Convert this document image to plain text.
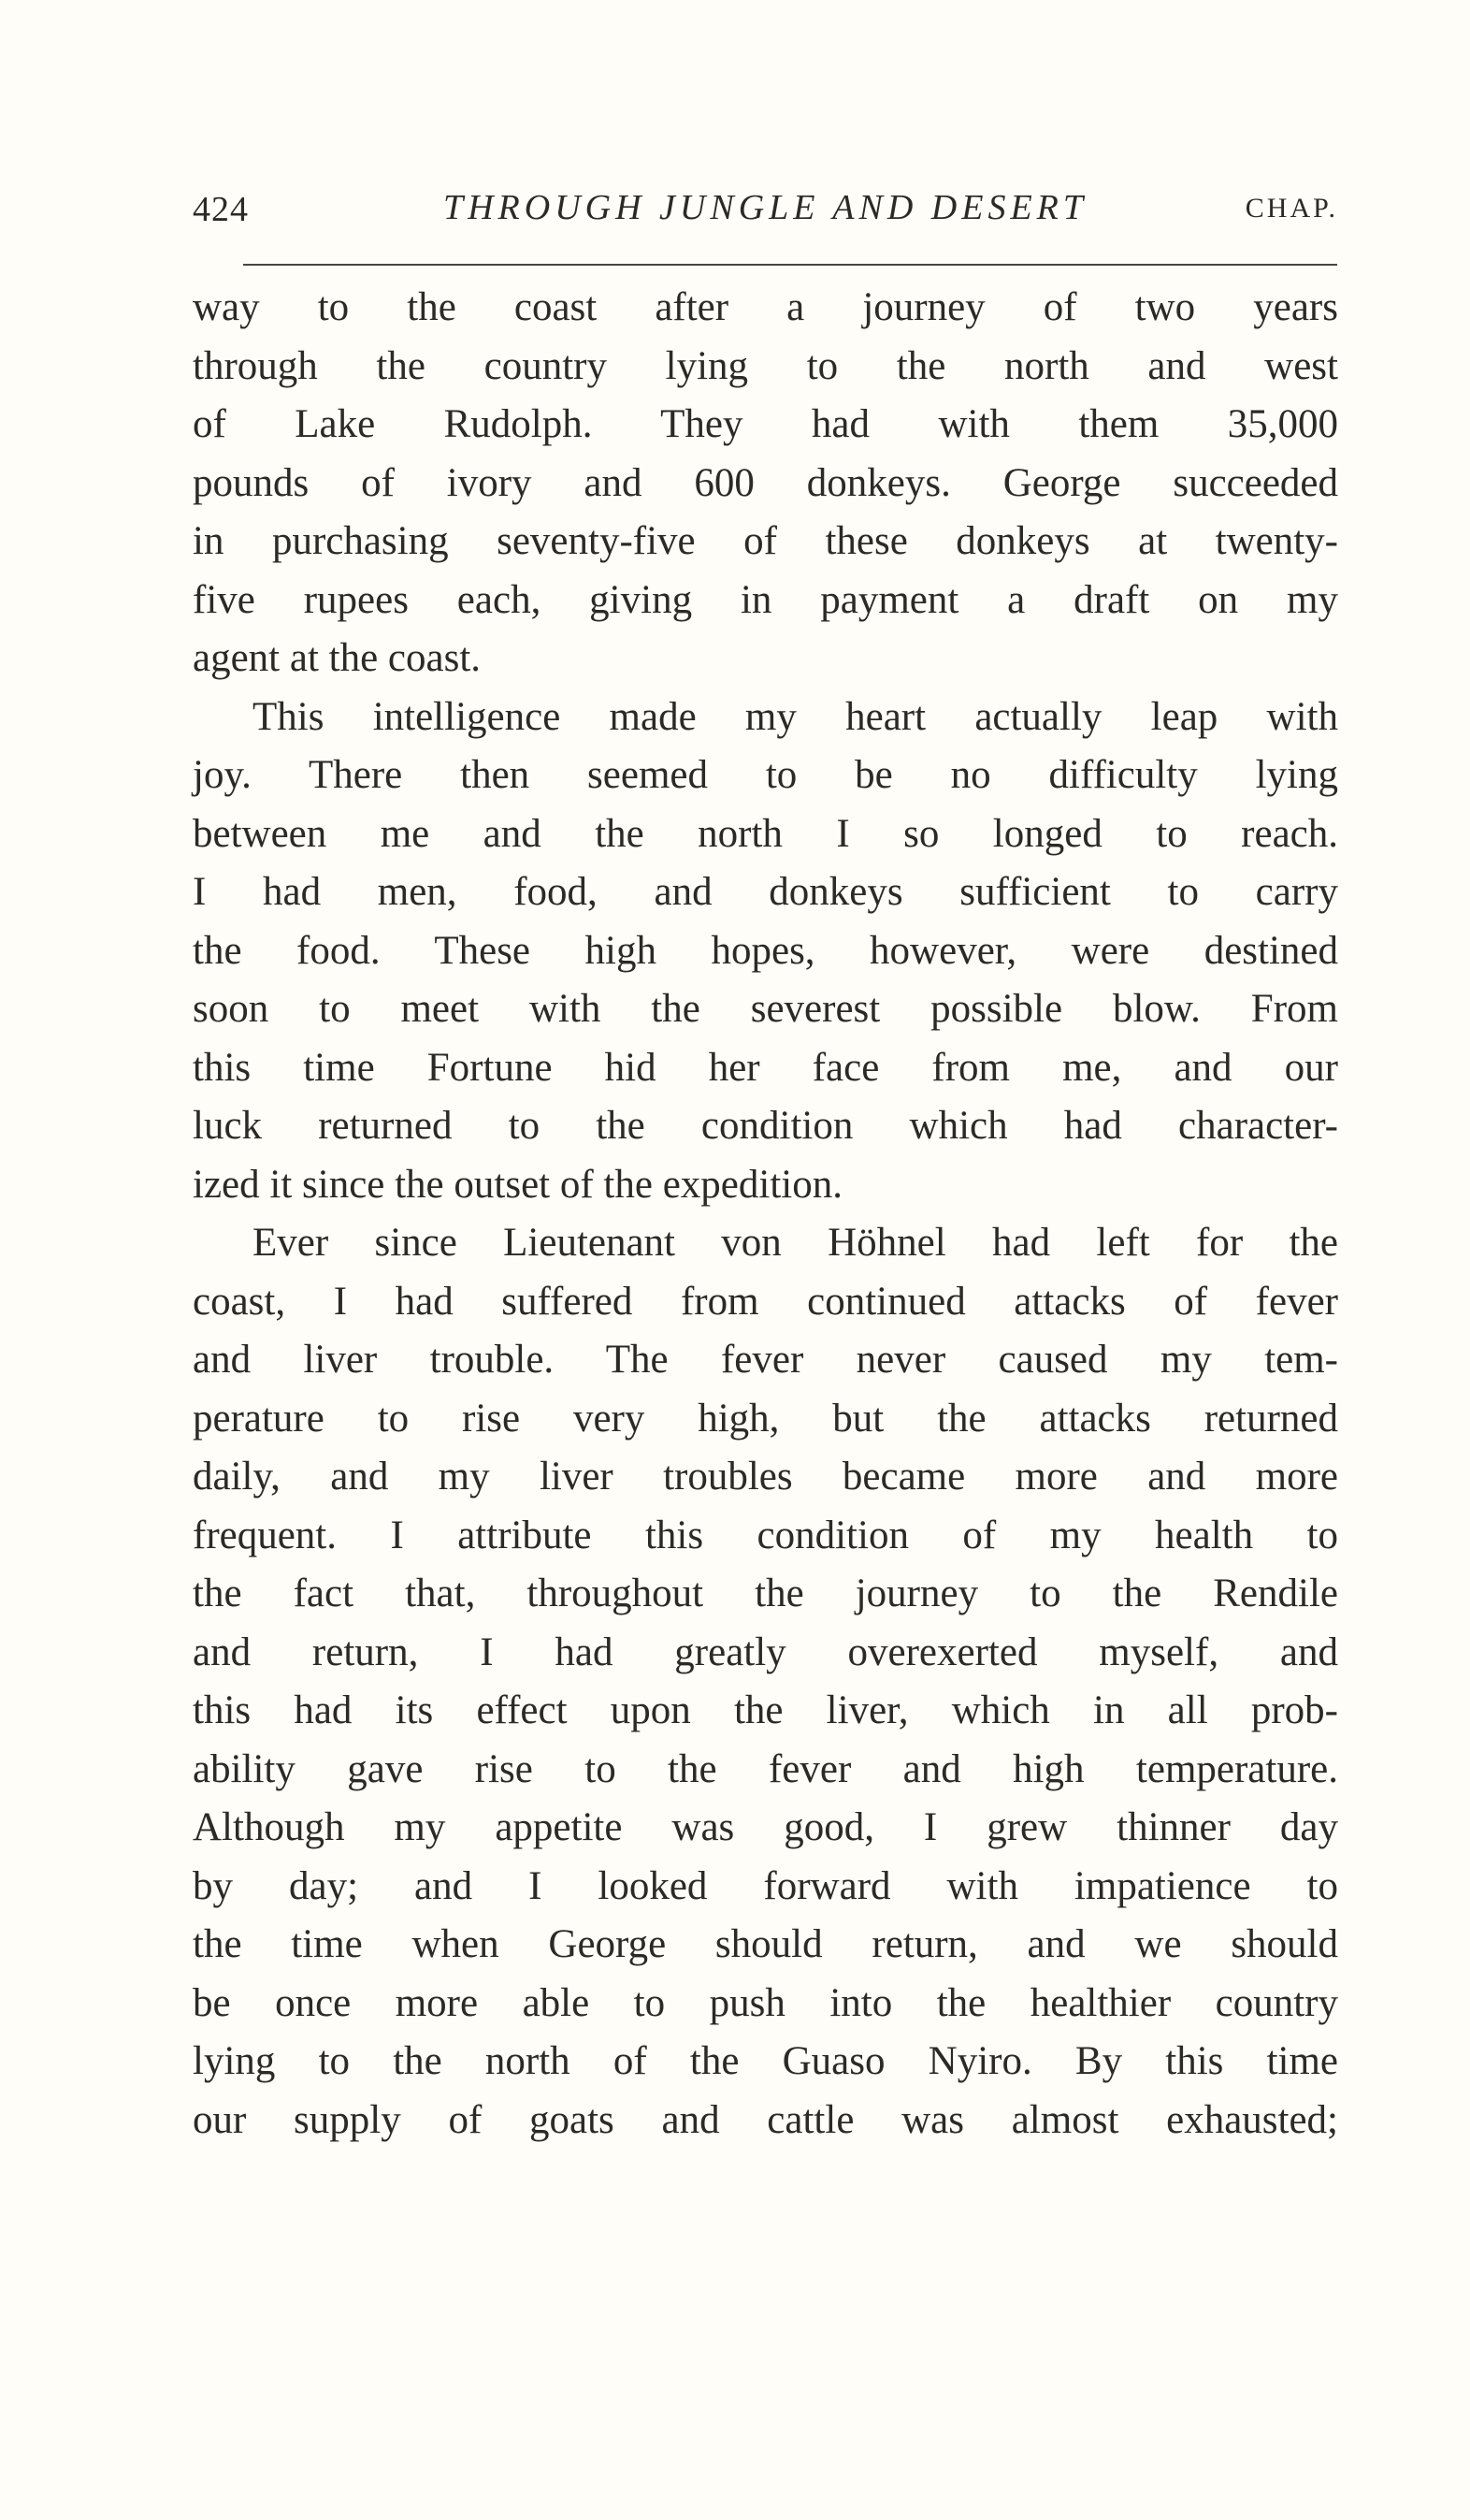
424	THROUGH JUNGLE AND DESERT	CHAP.
way to the coast after a journey of two years
through the country lying to the north and west
of Lake Rudolph. They had with them 35,000
pounds of ivory and 600 donkeys. George succeeded
in purchasing seventy-five of these donkeys at twenty-
five rupees each, giving in payment a draft on my
agent at the coast.
This intelligence made my heart actually leap with
joy. There then seemed to be no difficulty lying
between me and the north I so longed to reach.
I had men, food, and donkeys sufficient to carry
the food. These high hopes, however, were destined
soon to meet with the severest possible blow. From
this time Fortune hid her face from me, and our
luck returned to the condition which had character-
ized it since the outset of the expedition.
Ever since Lieutenant von Höhnel had left for the
coast, I had suffered from continued attacks of fever
and liver trouble. The fever never caused my tem-
perature to rise very high, but the attacks returned
daily, and my liver troubles became more and more
frequent. I attribute this condition of my health to
the fact that, throughout the journey to the Rendile
and return, I had greatly overexerted myself, and
this had its effect upon the liver, which in all prob-
ability gave rise to the fever and high temperature.
Although my appetite was good, I grew thinner day
by day; and I looked forward with impatience to
the time when George should return, and we should
be once more able to push into the healthier country
lying to the north of the Guaso Nyiro. By this time
our supply of goats and cattle was almost exhausted;
